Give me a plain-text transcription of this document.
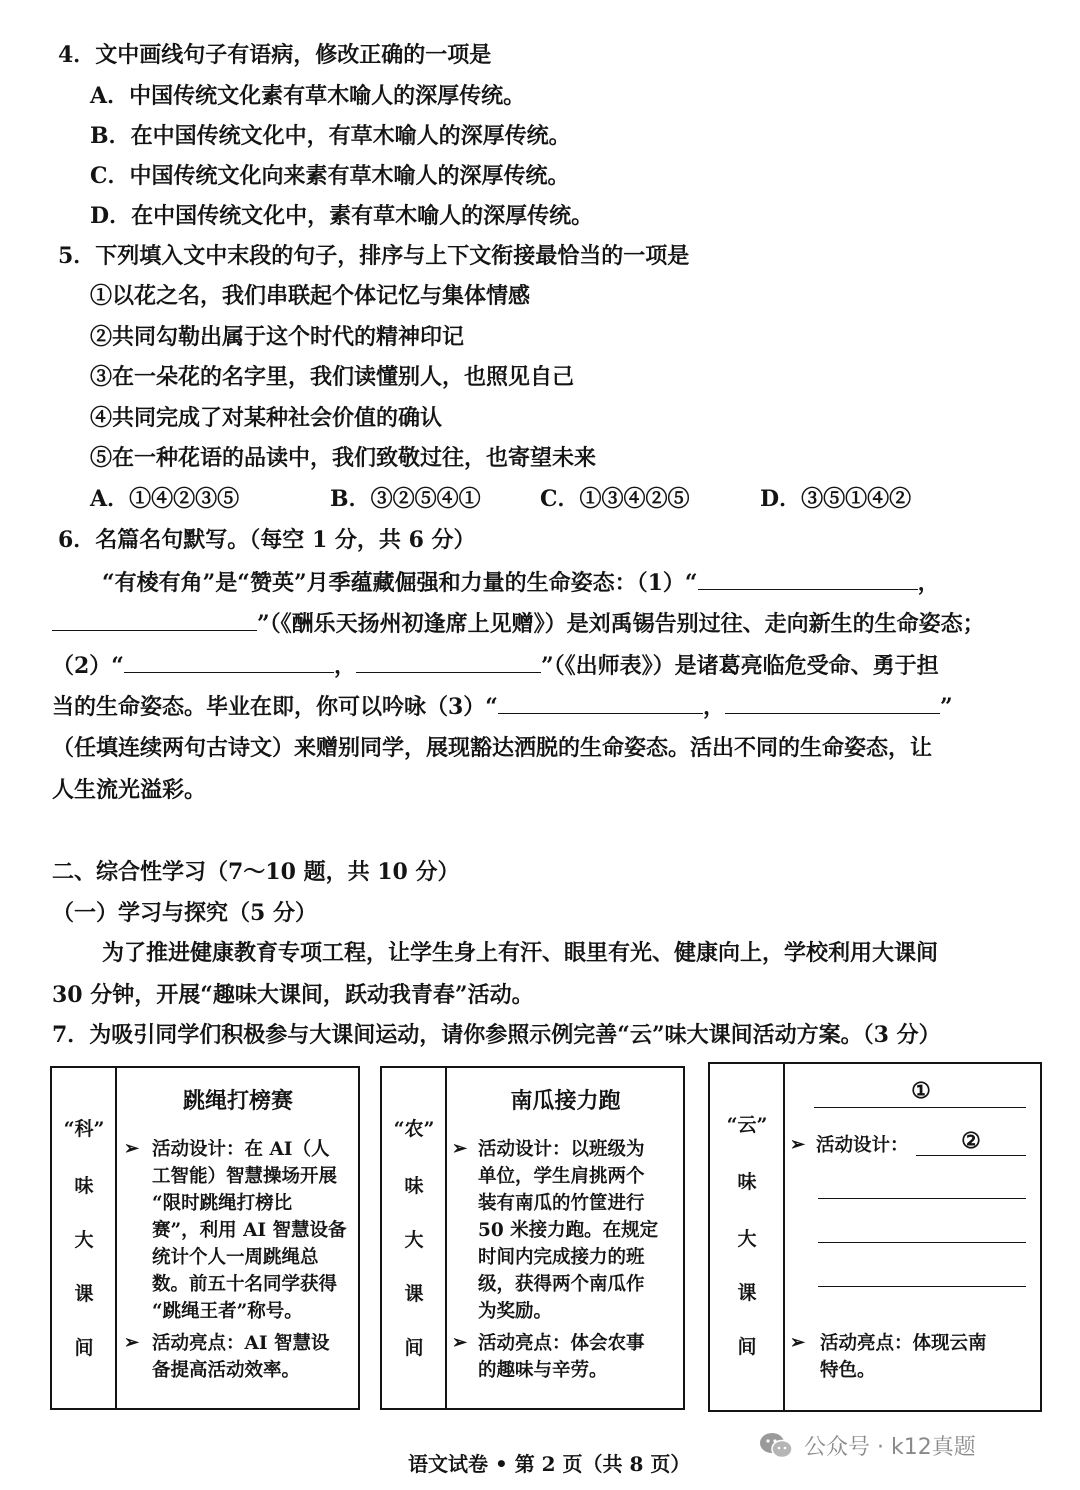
4．文中画线句子有语病，修改正确的一项是
A．中国传统文化素有草木喻人的深厚传统。
B．在中国传统文化中，有草木喻人的深厚传统。
C．中国传统文化向来素有草木喻人的深厚传统。
D．在中国传统文化中，素有草木喻人的深厚传统。
5．下列填入文中末段的句子，排序与上下文衔接最恰当的一项是
①以花之名，我们串联起个体记忆与集体情感
②共同勾勒出属于这个时代的精神印记
③在一朵花的名字里，我们读懂别人，也照见自己
④共同完成了对某种社会价值的确认
⑤在一种花语的品读中，我们致敬过往，也寄望未来
A．①④②③⑤	B．③②⑤④①	C．①③④②⑤	D．③⑤①④②
6．名篇名句默写。（每空 1 分，共 6 分）
“有棱有角”是“赞英”月季蕴藏倔强和力量的生命姿态：（1）“	，
”（《酬乐天扬州初逢席上见赠》）是刘禹锡告别过往、走向新生的生命姿态；
（2）“	，	”（《出师表》）是诸葛亮临危受命、勇于担
当的生命姿态。毕业在即，你可以吟咏（3）“	，	”
（任填连续两句古诗文）来赠别同学，展现豁达洒脱的生命姿态。活出不同的生命姿态，让
人生流光溢彩。
二、综合性学习（7～10 题，共 10 分）
（一）学习与探究（5 分）
为了推进健康教育专项工程，让学生身上有汗、眼里有光、健康向上，学校利用大课间
30 分钟，开展“趣味大课间，跃动我青春”活动。
7．为吸引同学们积极参与大课间运动，请你参照示例完善“云”味大课间活动方案。（3 分）
“科”
味
大
课
间
跳绳打榜赛
➢ 活动设计：在 AI（人
工智能）智慧操场开展
“限时跳绳打榜比
赛”，利用 AI 智慧设备
统计个人一周跳绳总
数。前五十名同学获得
“跳绳王者”称号。
➢ 活动亮点：AI 智慧设
备提高活动效率。
“农”
味
大
课
间
南瓜接力跑
➢ 活动设计：以班级为
单位，学生肩挑两个
装有南瓜的竹筐进行
50 米接力跑。在规定
时间内完成接力的班
级，获得两个南瓜作
为奖励。
➢ 活动亮点：体会农事
的趣味与辛劳。
“云”
味
大
课
间
①
➢ 活动设计：	②
➢ 活动亮点：体现云南
特色。
语文试卷 • 第 2 页（共 8 页）
公众号 · k12真题
